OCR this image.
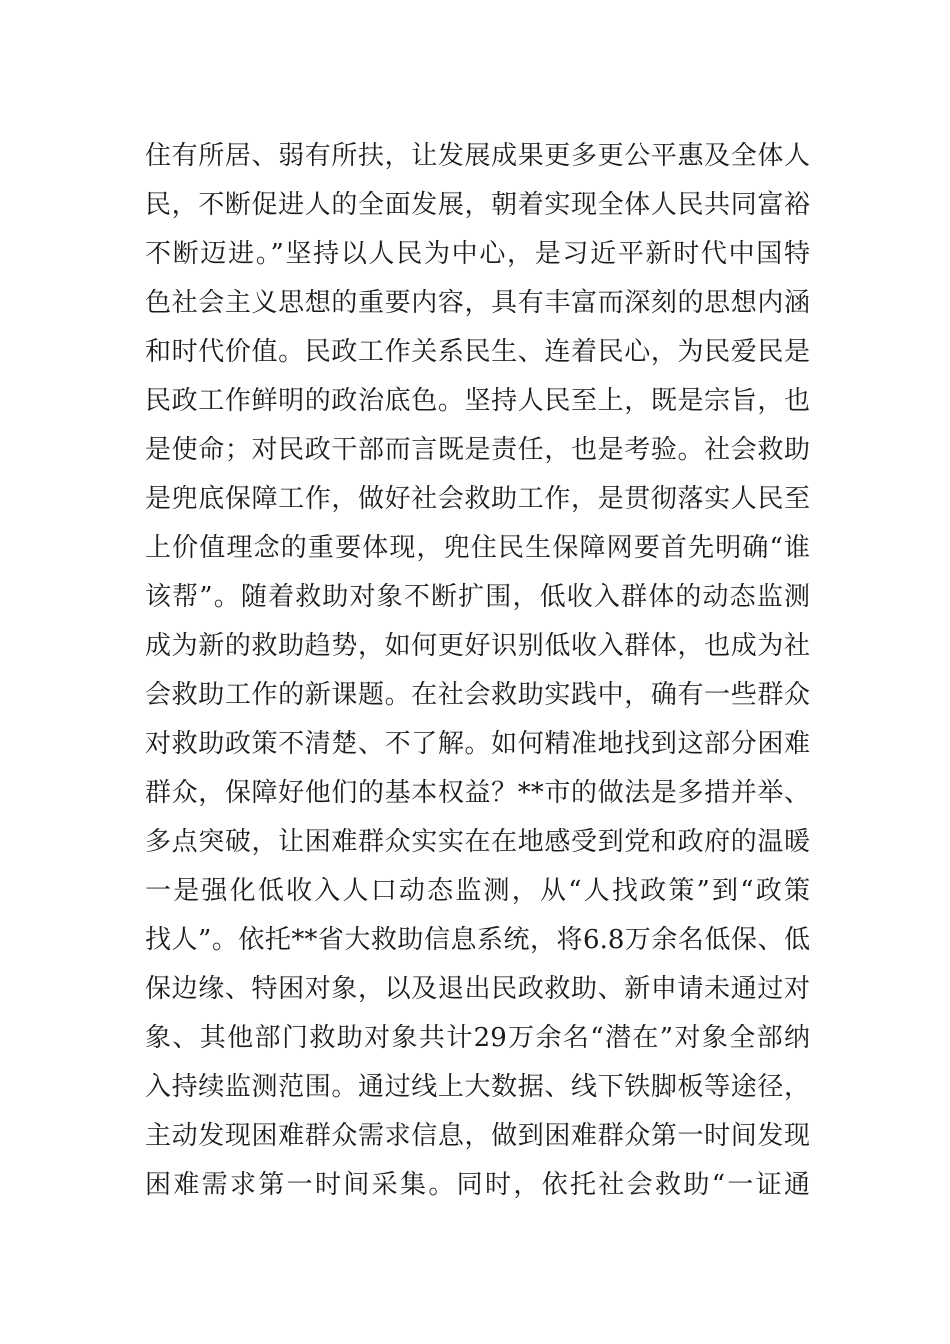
住有所居、弱有所扶，让发展成果更多更公平惠及全体人
民，不断促进人的全面发展，朝着实现全体人民共同富裕
不断迈进。”坚持以人民为中心，是习近平新时代中国特
色社会主义思想的重要内容，具有丰富而深刻的思想内涵
和时代价值。民政工作关系民生、连着民心，为民爱民是
民政工作鲜明的政治底色。坚持人民至上，既是宗旨，也
是使命；对民政干部而言既是责任，也是考验。社会救助
是兜底保障工作，做好社会救助工作，是贯彻落实人民至
上价值理念的重要体现，兜住民生保障网要首先明确“谁
该帮”。随着救助对象不断扩围，低收入群体的动态监测
成为新的救助趋势，如何更好识别低收入群体，也成为社
会救助工作的新课题。在社会救助实践中，确有一些群众
对救助政策不清楚、不了解。如何精准地找到这部分困难
群众，保障好他们的基本权益？**市的做法是多措并举、
多点突破，让困难群众实实在在地感受到党和政府的温暖
一是强化低收入人口动态监测，从“人找政策”到“政策
找人”。依托**省大救助信息系统，将6.8万余名低保、低
保边缘、特困对象，以及退出民政救助、新申请未通过对
象、其他部门救助对象共计29万余名“潜在”对象全部纳
入持续监测范围。通过线上大数据、线下铁脚板等途径，
主动发现困难群众需求信息，做到困难群众第一时间发现
困难需求第一时间采集。同时，依托社会救助“一证通
